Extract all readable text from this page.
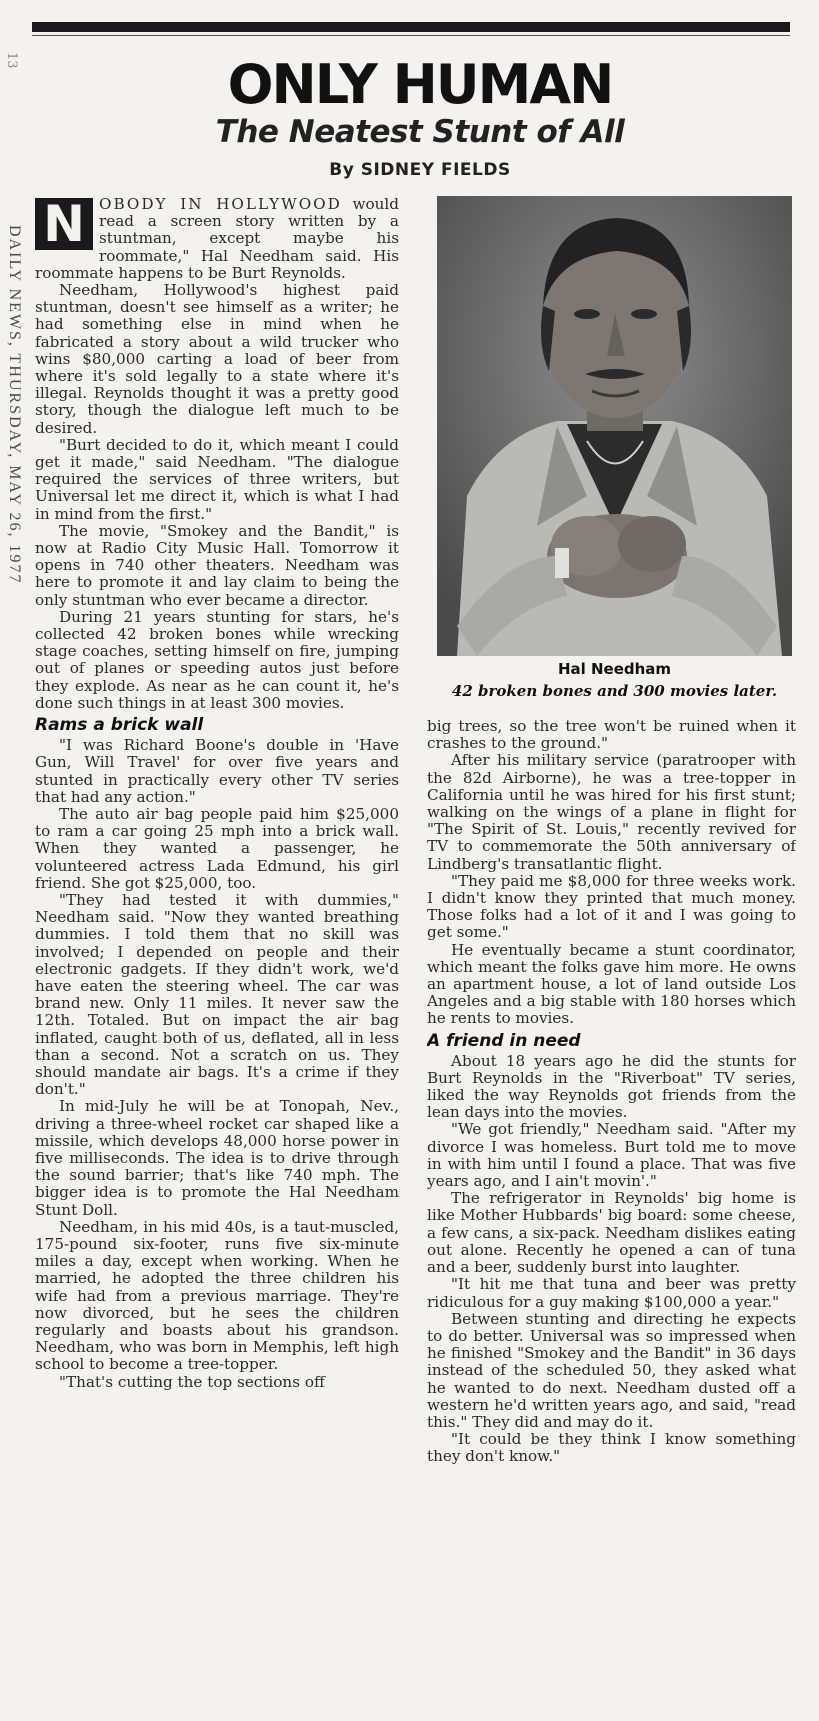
13
DAILY NEWS, THURSDAY, MAY 26, 1977
ONLY HUMAN
The Neatest Stunt of All
By SIDNEY FIELDS

N OBODY IN HOLLYWOOD would read a screen story written by a stuntman, except maybe his roommate," Hal Needham said. His roommate happens to be Burt Reynolds.

Needham, Hollywood's highest paid stuntman, doesn't see himself as a writer; he had something else in mind when he fabricated a story about a wild trucker who wins $80,000 carting a load of beer from where it's sold legally to a state where it's illegal. Reynolds thought it was a pretty good story, though the dialogue left much to be desired.

"Burt decided to do it, which meant I could get it made," said Needham. "The dialogue required the services of three writers, but Universal let me direct it, which is what I had in mind from the first."

The movie, "Smokey and the Bandit," is now at Radio City Music Hall. Tomorrow it opens in 740 other theaters. Needham was here to promote it and lay claim to being the only stuntman who ever became a director.

During 21 years stunting for stars, he's collected 42 broken bones while wrecking stage coaches, setting himself on fire, jumping out of planes or speeding autos just before they explode. As near as he can count it, he's done such things in at least 300 movies.

Rams a brick wall

"I was Richard Boone's double in 'Have Gun, Will Travel' for over five years and stunted in practically every other TV series that had any action."

The auto air bag people paid him $25,000 to ram a car going 25 mph into a brick wall. When they wanted a passenger, he volunteered actress Lada Edmund, his girl friend. She got $25,000, too.

"They had tested it with dummies," Needham said. "Now they wanted breathing dummies. I told them that no skill was involved; I depended on people and their electronic gadgets. If they didn't work, we'd have eaten the steering wheel. The car was brand new. Only 11 miles. It never saw the 12th. Totaled. But on impact the air bag inflated, caught both of us, deflated, all in less than a second. Not a scratch on us. They should mandate air bags. It's a crime if they don't."

In mid-July he will be at Tonopah, Nev., driving a three-wheel rocket car shaped like a missile, which develops 48,000 horse power in five milliseconds. The idea is to drive through the sound barrier; that's like 740 mph. The bigger idea is to promote the Hal Needham Stunt Doll.

Needham, in his mid 40s, is a taut-muscled, 175-pound six-footer, runs five six-minute miles a day, except when working. When he married, he adopted the three children his wife had from a previous marriage. They're now divorced, but he sees the children regularly and boasts about his grandson. Needham, who was born in Memphis, left high school to become a tree-topper.

"That's cutting the top sections off

Hal Needham
42 broken bones and 300 movies later.

big trees, so the tree won't be ruined when it crashes to the ground."

After his military service (paratrooper with the 82d Airborne), he was a tree-topper in California until he was hired for his first stunt; walking on the wings of a plane in flight for "The Spirit of St. Louis," recently revived for TV to commemorate the 50th anniversary of Lindberg's transatlantic flight.

"They paid me $8,000 for three weeks work. I didn't know they printed that much money. Those folks had a lot of it and I was going to get some."

He eventually became a stunt coordinator, which meant the folks gave him more. He owns an apartment house, a lot of land outside Los Angeles and a big stable with 180 horses which he rents to movies.

A friend in need

About 18 years ago he did the stunts for Burt Reynolds in the "Riverboat" TV series, liked the way Reynolds got friends from the lean days into the movies.

"We got friendly," Needham said. "After my divorce I was homeless. Burt told me to move in with him until I found a place. That was five years ago, and I ain't movin'."

The refrigerator in Reynolds' big home is like Mother Hubbards' big board: some cheese, a few cans, a six-pack. Needham dislikes eating out alone. Recently he opened a can of tuna and a beer, suddenly burst into laughter.

"It hit me that tuna and beer was pretty ridiculous for a guy making $100,000 a year."

Between stunting and directing he expects to do better. Universal was so impressed when he finished "Smokey and the Bandit" in 36 days instead of the scheduled 50, they asked what he wanted to do next. Needham dusted off a western he'd written years ago, and said, "read this." They did and may do it.

"It could be they think I know something they don't know."
